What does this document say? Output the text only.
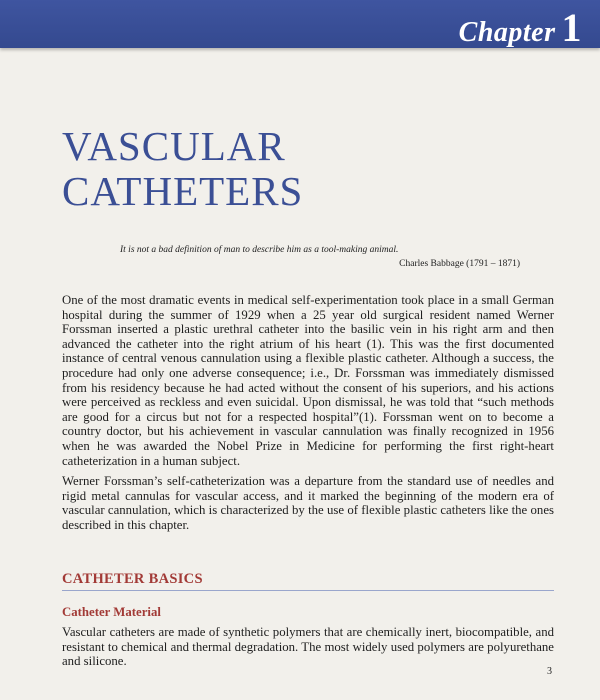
Chapter 1
VASCULAR
CATHETERS
It is not a bad definition of man to describe him as a tool-making animal.
Charles Babbage (1791 – 1871)

One of the most dramatic events in medical self-experimentation took place in a small German hospital during the summer of 1929 when a 25 year old surgical resident named Werner Forssman inserted a plastic urethral catheter into the basilic vein in his right arm and then advanced the catheter into the right atrium of his heart (1). This was the first documented instance of central venous cannulation using a flexible plastic catheter. Although a success, the procedure had only one adverse consequence; i.e., Dr. Forssman was immediately dismissed from his residency because he had acted without the consent of his superiors, and his actions were perceived as reckless and even suicidal. Upon dismissal, he was told that “such methods are good for a circus but not for a respected hospital”(1). Forssman went on to become a country doctor, but his achievement in vascular cannulation was finally recognized in 1956 when he was awarded the Nobel Prize in Medicine for performing the first right-heart catheterization in a human subject.

Werner Forssman’s self-catheterization was a departure from the standard use of needles and rigid metal cannulas for vascular access, and it marked the beginning of the modern era of vascular cannulation, which is characterized by the use of flexible plastic catheters like the ones described in this chapter.

CATHETER BASICS
Catheter Material
Vascular catheters are made of synthetic polymers that are chemically inert, biocompatible, and resistant to chemical and thermal degradation. The most widely used polymers are polyurethane and silicone.
3
